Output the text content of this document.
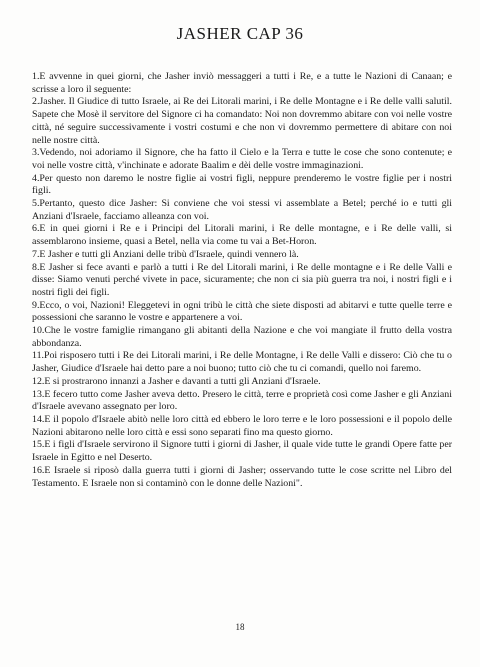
JASHER CAP 36

1.E avvenne in quei giorni, che Jasher inviò messaggeri a tutti i Re, e a tutte le Nazioni di Canaan; e scrisse a loro il seguente:

2.Jasher. Il Giudice di tutto Israele, ai Re dei Litorali marini, i Re delle Montagne e i Re delle valli salutil. Sapete che Mosè il servitore del Signore ci ha comandato: Noi non dovremmo abitare con voi nelle vostre città, né seguire successivamente i vostri costumi e che non vi dovremmo permettere di abitare con noi nelle nostre città.

3.Vedendo, noi adoriamo il Signore, che ha fatto il Cielo e la Terra e tutte le cose che sono contenute; e voi nelle vostre città, v'inchinate e adorate Baalim e dèi delle vostre immaginazioni.

4.Per questo non daremo le nostre figlie ai vostri figli, neppure prenderemo le vostre figlie per i nostri figli.

5.Pertanto, questo dice Jasher: Si conviene che voi stessi vi assemblate a Betel; perché io e tutti gli Anziani d'Israele, facciamo alleanza con voi.

6.E in quei giorni i Re e i Principi del Litorali marini, i Re delle montagne, e i Re delle valli, si assemblarono insieme, quasi a Betel, nella via come tu vai a Bet-Horon.

7.E Jasher e tutti gli Anziani delle tribù d'Israele, quindi vennero là.

8.E Jasher si fece avanti e parlò a tutti i Re del Litorali marini, i Re delle montagne e i Re delle Valli e disse: Siamo venuti perché vivete in pace, sicuramente; che non ci sia più guerra tra noi, i nostri figli e i nostri figli dei figli.

9.Ecco, o voi, Nazioni! Eleggetevi in ogni tribù le città che siete disposti ad abitarvi e tutte quelle terre e possessioni che saranno le vostre e appartenere a voi.

10.Che le vostre famiglie rimangano gli abitanti della Nazione e che voi mangiate il frutto della vostra abbondanza.

11.Poi risposero tutti i Re dei Litorali marini, i Re delle Montagne, i Re delle Valli e dissero: Ciò che tu o Jasher, Giudice d'Israele hai detto pare a noi buono; tutto ciò che tu ci comandi, quello noi faremo.

12.E si prostrarono innanzi a Jasher e davanti a tutti gli Anziani d'Israele.

13.E fecero tutto come Jasher aveva detto. Presero le città, terre e proprietà così come Jasher e gli Anziani d'Israele avevano assegnato per loro.

14.E il popolo d'Israele abitò nelle loro città ed ebbero le loro terre e le loro possessioni e il popolo delle Nazioni abitarono nelle loro città e essi sono separati fino ma questo giorno.

15.E i figli d'Israele servirono il Signore tutti i giorni di Jasher, il quale vide tutte le grandi Opere fatte per Israele in Egitto e nel Deserto.

16.E Israele si riposò dalla guerra tutti i giorni di Jasher; osservando tutte le cose scritte nel Libro del Testamento. E Israele non si contaminò con le donne delle Nazioni".

18
